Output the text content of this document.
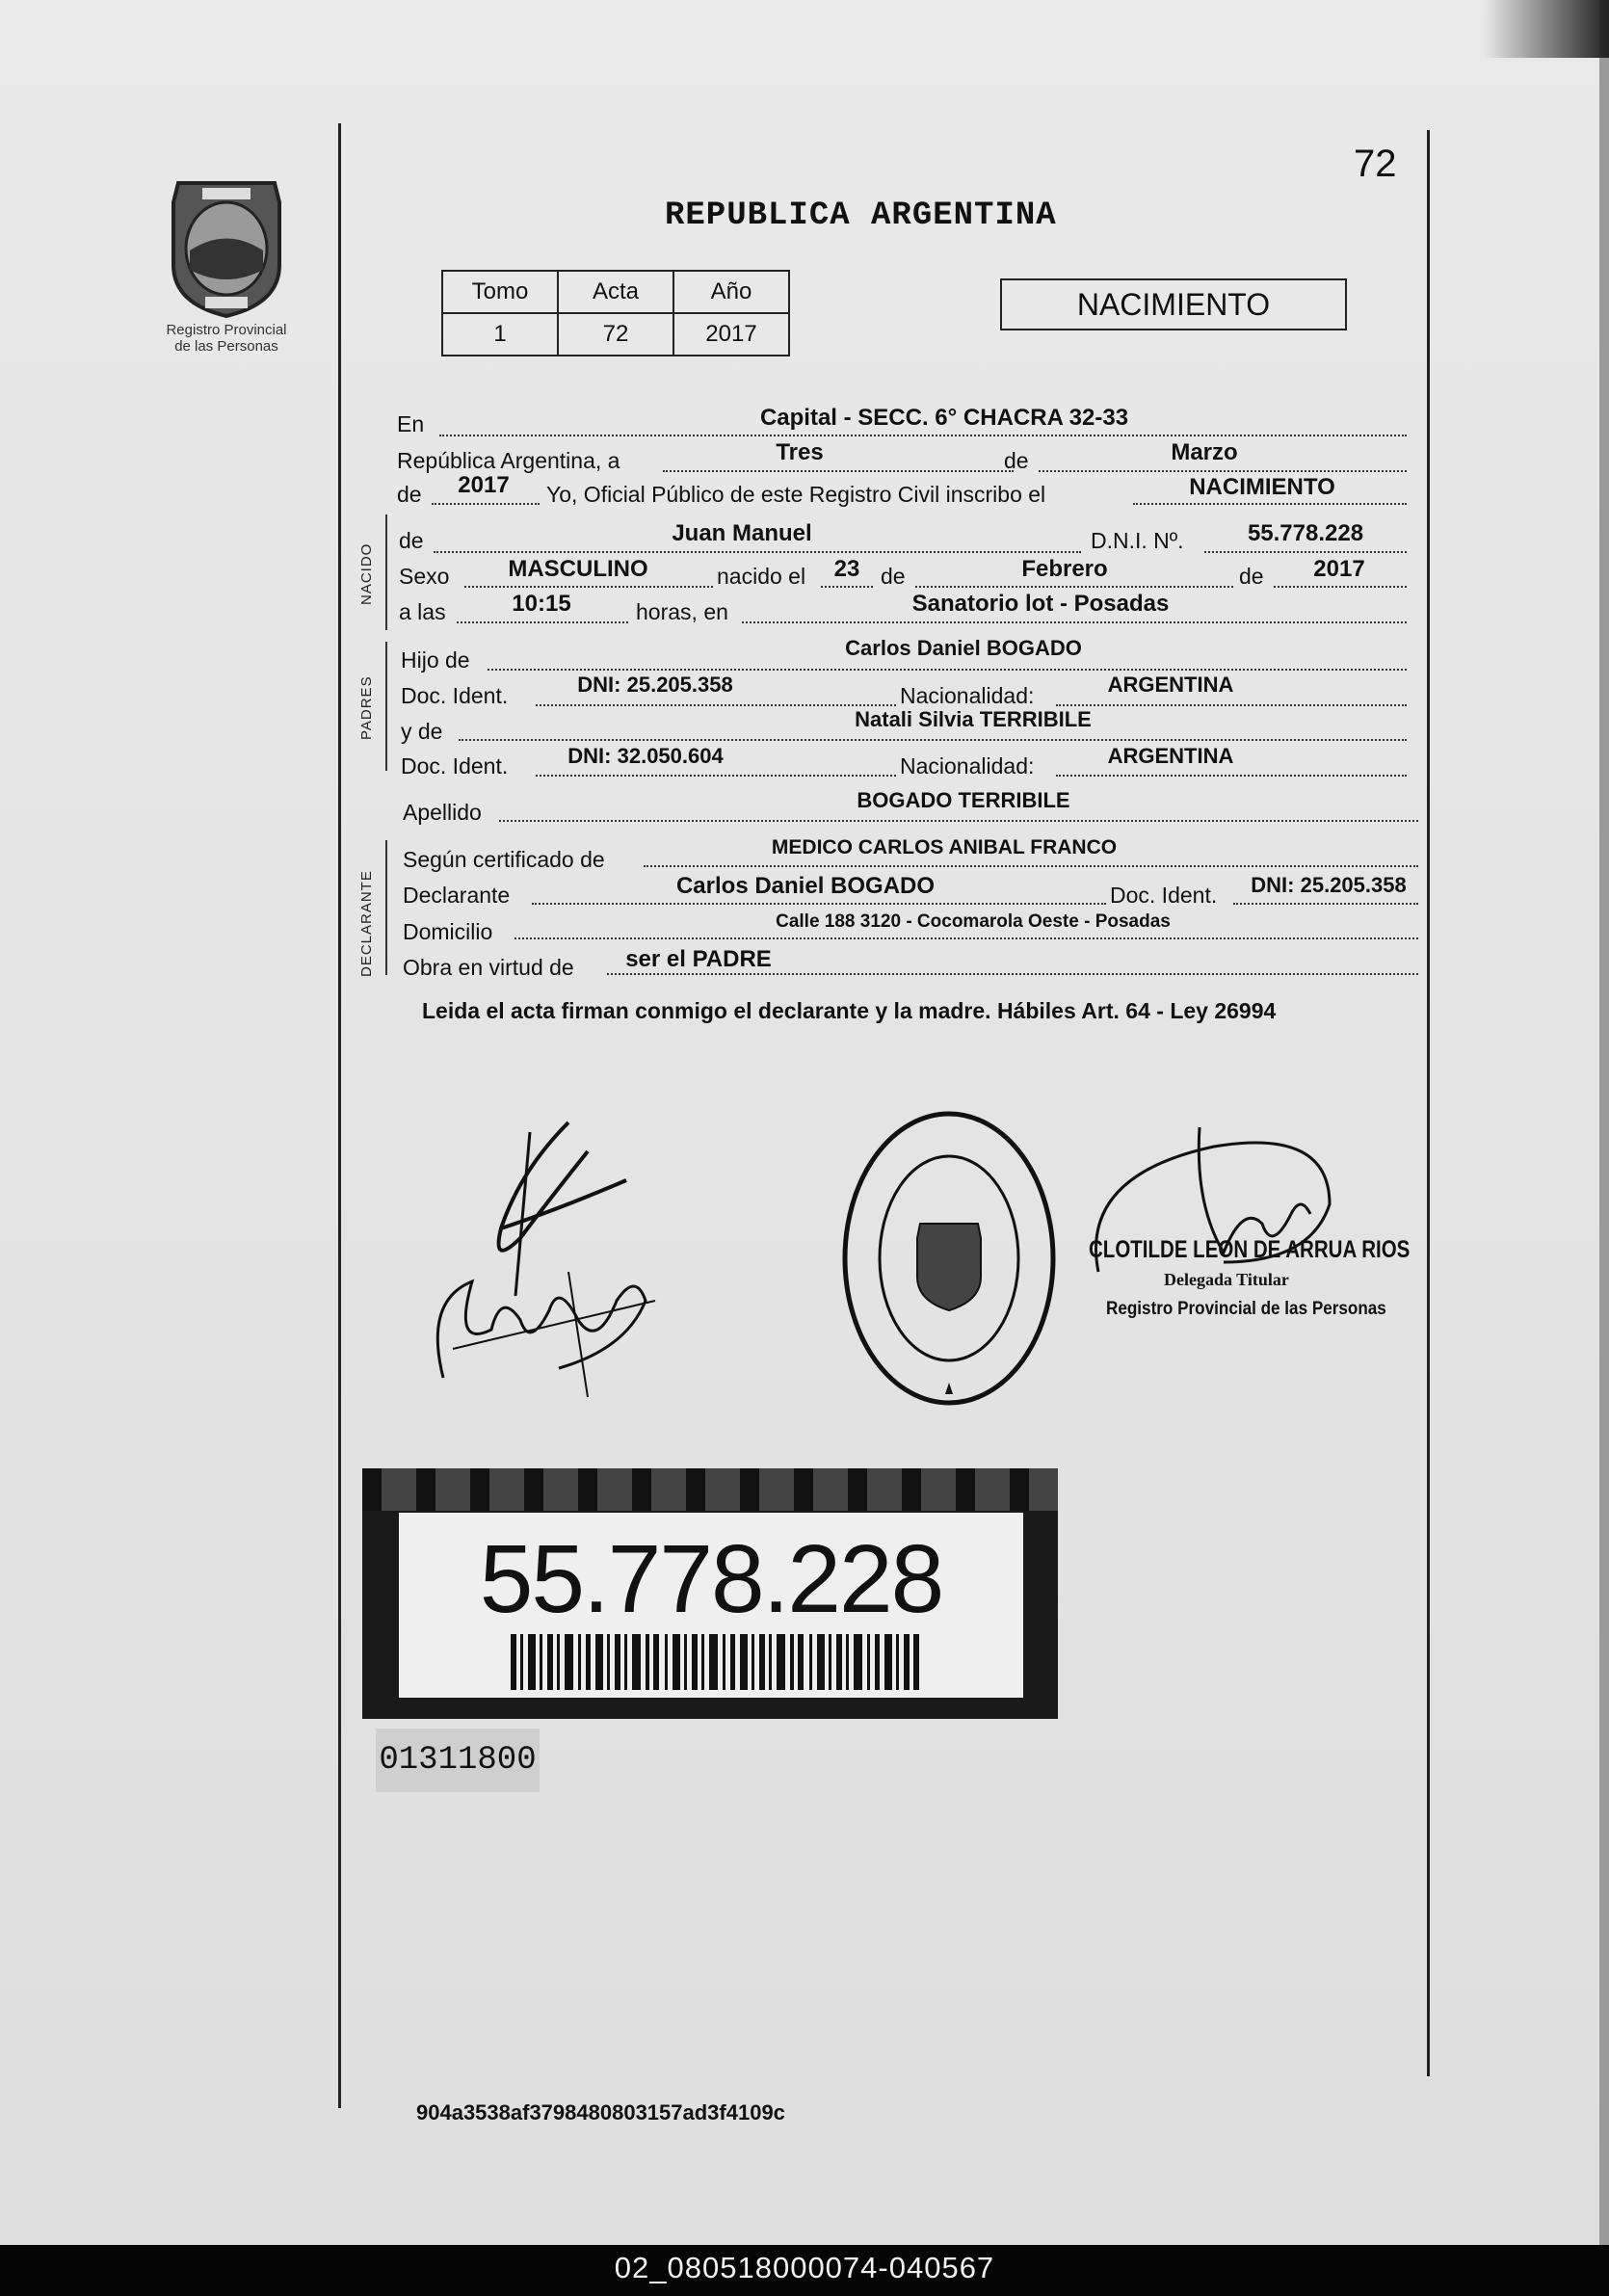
72
Registro Provincial
de las Personas
REPUBLICA ARGENTINA
Tomo	Acta	Año
1	72	2017
NACIMIENTO
En	Capital - SECC. 6° CHACRA 32-33
República Argentina, a	Tres	de	Marzo
de	2017	Yo, Oficial Público de este Registro Civil inscribo el	NACIMIENTO
NACIDO
de	Juan Manuel	D.N.I. Nº.	55.778.228
Sexo	MASCULINO	nacido el	23 de	Febrero	de	2017
a las	10:15	horas, en	Sanatorio lot - Posadas
PADRES
Hijo de	Carlos Daniel BOGADO
Doc. Ident.	DNI: 25.205.358	Nacionalidad:	ARGENTINA
y de	Natali Silvia TERRIBILE
Doc. Ident.	DNI: 32.050.604	Nacionalidad:	ARGENTINA
Apellido	BOGADO TERRIBILE
DECLARANTE
Según certificado de	MEDICO CARLOS ANIBAL FRANCO
Declarante	Carlos Daniel BOGADO	Doc. Ident.	DNI: 25.205.358
Domicilio	Calle 188 3120 - Cocomarola Oeste - Posadas
Obra en virtud de	ser el PADRE
Leida el acta firman conmigo el declarante y la madre. Hábiles Art. 64 - Ley 26994
CLOTILDE LEON DE ARRUA RIOS
Delegada Titular
Registro Provincial de las Personas
55.778.228
01311800
904a3538af3798480803157ad3f4109c
02_080518000074-040567
